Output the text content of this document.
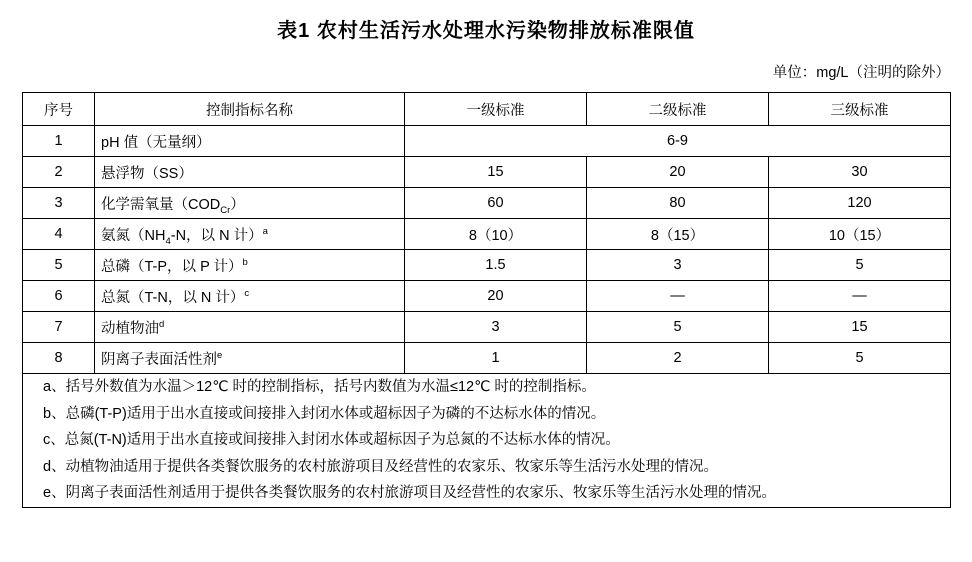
表1 农村生活污水处理水污染物排放标准限值
单位：mg/L（注明的除外）
序号	控制指标名称	一级标准	二级标准	三级标准
1	pH 值（无量纲）	6-9		
2	悬浮物（SS）	15	20	30
3	化学需氧量$(COD_{Cr})$	60	80	120
4	氨氮（$NH_4-N$，以 N 计）$^a$	8（10）	8（15）	10（15）
5	总磷（T-P，以 P 计）$^b$	1.5	3	5
6	总氮（T-N，以 N 计）$^c$	20	—	—
7	动植物油$^d$	3	5	15
8	阴离子表面活性剂$^e$	1	2	5

a、括号外数值为水温＞12℃ 时的控制指标，括号内数值为水温≤12℃ 时的控制指标。
b、总磷(T-P)适用于出水直接或间接排入封闭水体或超标因子为磷的不达标水体的情况。
c、总氮(T-N)适用于出水直接或间接排入封闭水体或超标因子为总氮的不达标水体的情况。
d、动植物油适用于提供各类餐饮服务的农村旅游项目及经营性的农家乐、牧家乐等生活污水处理的情况。
e、阴离子表面活性剂适用于提供各类餐饮服务的农村旅游项目及经营性的农家乐、牧家乐等生活污水处理的情况。				
